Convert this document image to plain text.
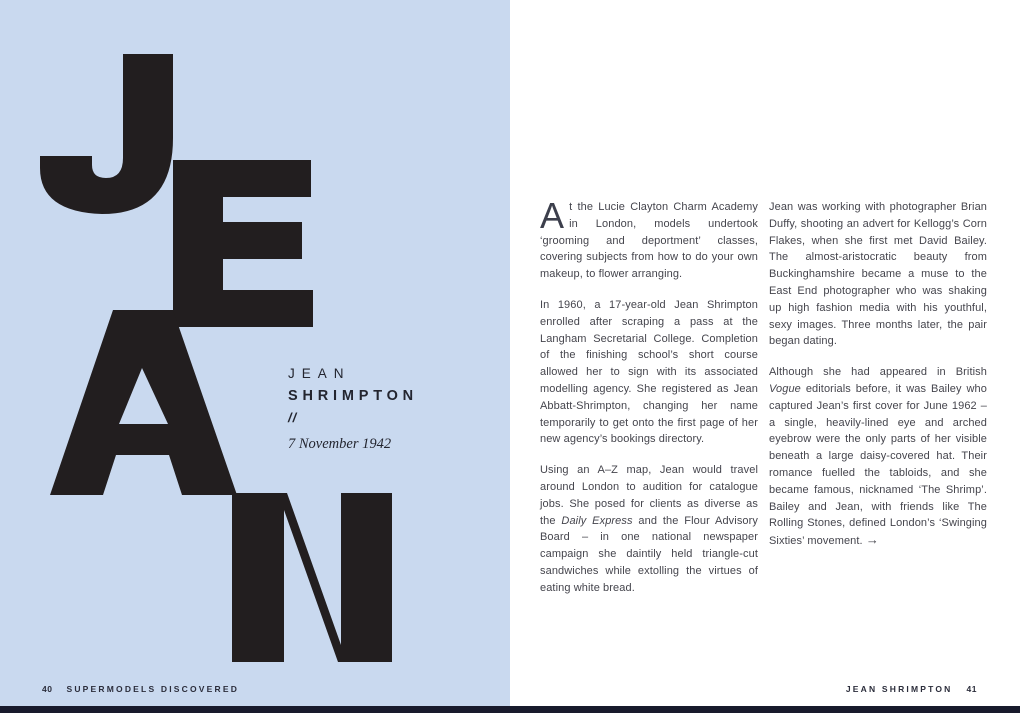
JEAN
SHRIMPTON
//
7 November 1942
40 SUPERMODELS DISCOVERED

At the Lucie Clayton Charm Academy in London, models undertook ‘grooming and deportment’ classes, covering subjects from how to do your own makeup, to flower arranging.

In 1960, a 17-year-old Jean Shrimpton enrolled after scraping a pass at the Langham Secretarial College. Completion of the finishing school’s short course allowed her to sign with its associated modelling agency. She registered as Jean Abbatt-Shrimpton, changing her name temporarily to get onto the first page of her new agency’s bookings directory.

Using an A–Z map, Jean would travel around London to audition for catalogue jobs. She posed for clients as diverse as the Daily Express and the Flour Advisory Board – in one national newspaper campaign she daintily held triangle-cut sandwiches while extolling the virtues of eating white bread.

Jean was working with photographer Brian Duffy, shooting an advert for Kellogg’s Corn Flakes, when she first met David Bailey. The almost-aristocratic beauty from Buckinghamshire became a muse to the East End photographer who was shaking up high fashion media with his youthful, sexy images. Three months later, the pair began dating.

Although she had appeared in British Vogue editorials before, it was Bailey who captured Jean’s first cover for June 1962 – a single, heavily-lined eye and arched eyebrow were the only parts of her visible beneath a large daisy-covered hat. Their romance fuelled the tabloids, and she became famous, nicknamed ‘The Shrimp’. Bailey and Jean, with friends like The Rolling Stones, defined London’s ‘Swinging Sixties’ movement. →

JEAN SHRIMPTON 41
